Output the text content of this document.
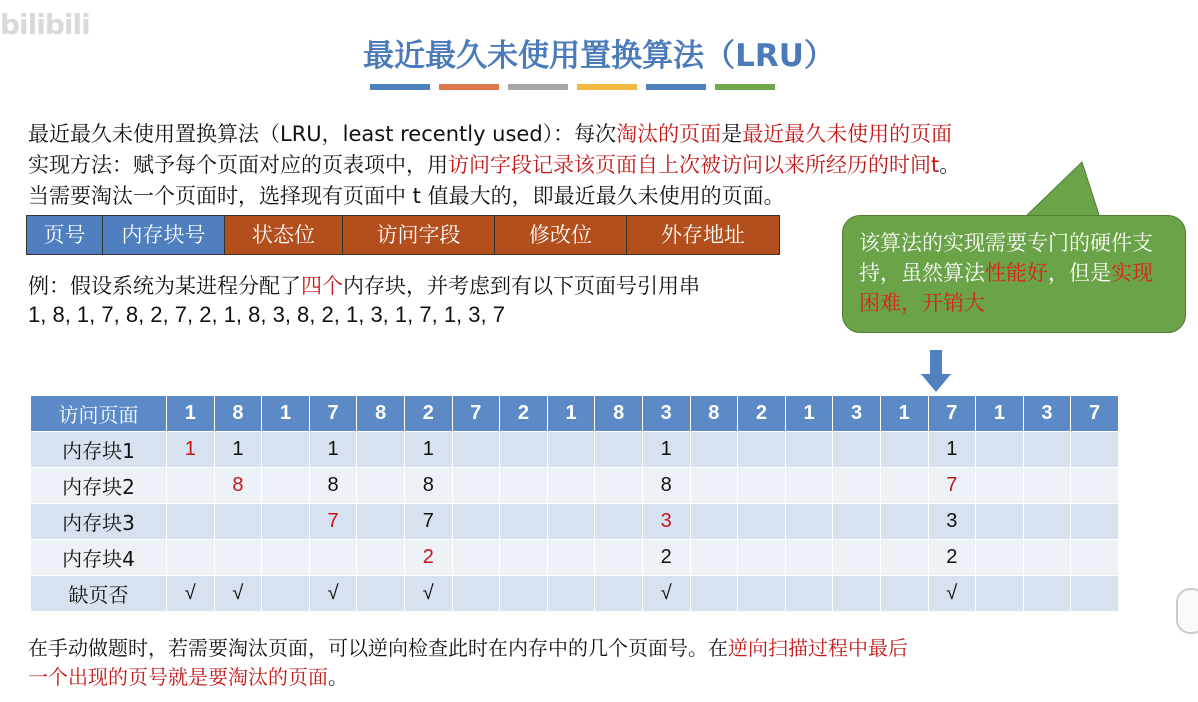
bilibili
最近最久未使用置换算法（LRU）
最近最久未使用置换算法（LRU，least recently used）：每次淘汰的页面是最近最久未使用的页面
实现方法：赋予每个页面对应的页表项中，用访问字段记录该页面自上次被访问以来所经历的时间t。
当需要淘汰一个页面时，选择现有页面中 t 值最大的，即最近最久未使用的页面。
页号	内存块号	状态位	访问字段	修改位	外存地址
例：假设系统为某进程分配了四个内存块，并考虑到有以下页面号引用串
1, 8, 1, 7, 8, 2, 7, 2, 1, 8, 3, 8, 2, 1, 3, 1, 7, 1, 3, 7
该算法的实现需要专门的硬件支持，虽然算法性能好，但是实现困难，开销大
访问页面	1	8	1	7	8	2	7	2	1	8	3	8	2	1	3	1	7	1	3	7
内存块1	1	1		1		1					1						1			
内存块2		8		8		8					8						7			
内存块3				7		7					3						3			
内存块4						2					2						2			
缺页否	√	√		√		√					√						√			
在手动做题时，若需要淘汰页面，可以逆向检查此时在内存中的几个页面号。在逆向扫描过程中最后
一个出现的页号就是要淘汰的页面。
